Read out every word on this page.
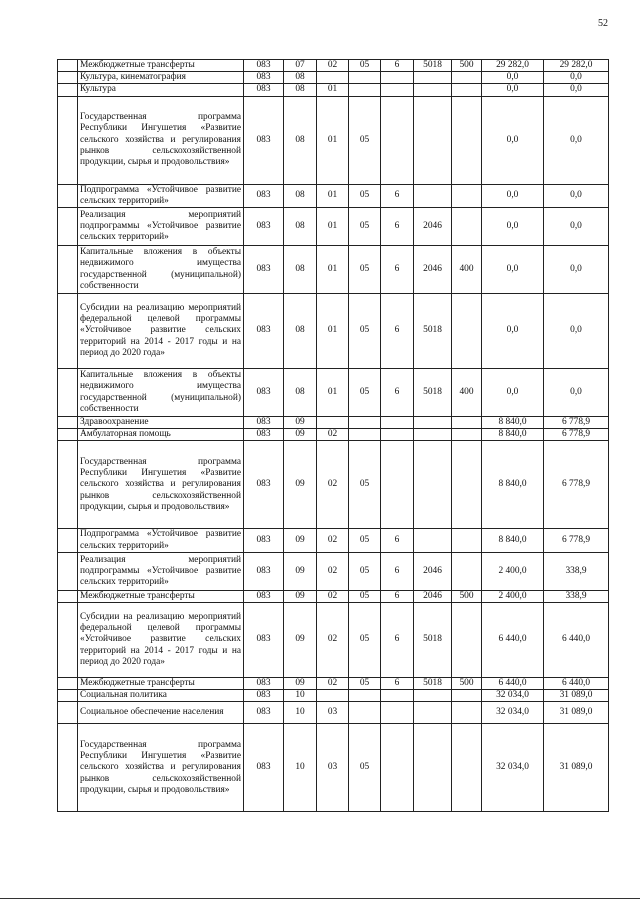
52
	Межбюджетные трансферты	083	07	02	05	6	5018	500	29 282,0	29 282,0
	Культура, кинематография	083	08						0,0	0,0
	Культура	083	08	01					0,0	0,0
	Государственная программа Республики Ингушетия «Развитие сельского хозяйства и регулирования рынков сельскохозяйственной продукции, сырья и продовольствия»	083	08	01	05				0,0	0,0
	Подпрограмма «Устойчивое развитие сельских территорий»	083	08	01	05	6			0,0	0,0
	Реализация мероприятий подпрограммы «Устойчивое развитие сельских территорий»	083	08	01	05	6	2046		0,0	0,0
	Капитальные вложения в объекты недвижимого имущества государственной (муниципальной) собственности	083	08	01	05	6	2046	400	0,0	0,0
	Субсидии на реализацию мероприятий федеральной целевой программы «Устойчивое развитие сельских территорий на 2014 - 2017 годы и на период до 2020 года»	083	08	01	05	6	5018		0,0	0,0
	Капитальные вложения в объекты недвижимого имущества государственной (муниципальной) собственности	083	08	01	05	6	5018	400	0,0	0,0
	Здравоохранение	083	09						8 840,0	6 778,9
	Амбулаторная помощь	083	09	02					8 840,0	6 778,9
	Государственная программа Республики Ингушетия «Развитие сельского хозяйства и регулирования рынков сельскохозяйственной продукции, сырья и продовольствия»	083	09	02	05				8 840,0	6 778,9
	Подпрограмма «Устойчивое развитие сельских территорий»	083	09	02	05	6			8 840,0	6 778,9
	Реализация мероприятий подпрограммы «Устойчивое развитие сельских территорий»	083	09	02	05	6	2046		2 400,0	338,9
	Межбюджетные трансферты	083	09	02	05	6	2046	500	2 400,0	338,9
	Субсидии на реализацию мероприятий федеральной целевой программы «Устойчивое развитие сельских территорий на 2014 - 2017 годы и на период до 2020 года»	083	09	02	05	6	5018		6 440,0	6 440,0
	Межбюджетные трансферты	083	09	02	05	6	5018	500	6 440,0	6 440,0
	Социальная политика	083	10						32 034,0	31 089,0
	Социальное обеспечение населения	083	10	03					32 034,0	31 089,0
	Государственная программа Республики Ингушетия «Развитие сельского хозяйства и регулирования рынков сельскохозяйственной продукции, сырья и продовольствия»	083	10	03	05				32 034,0	31 089,0
